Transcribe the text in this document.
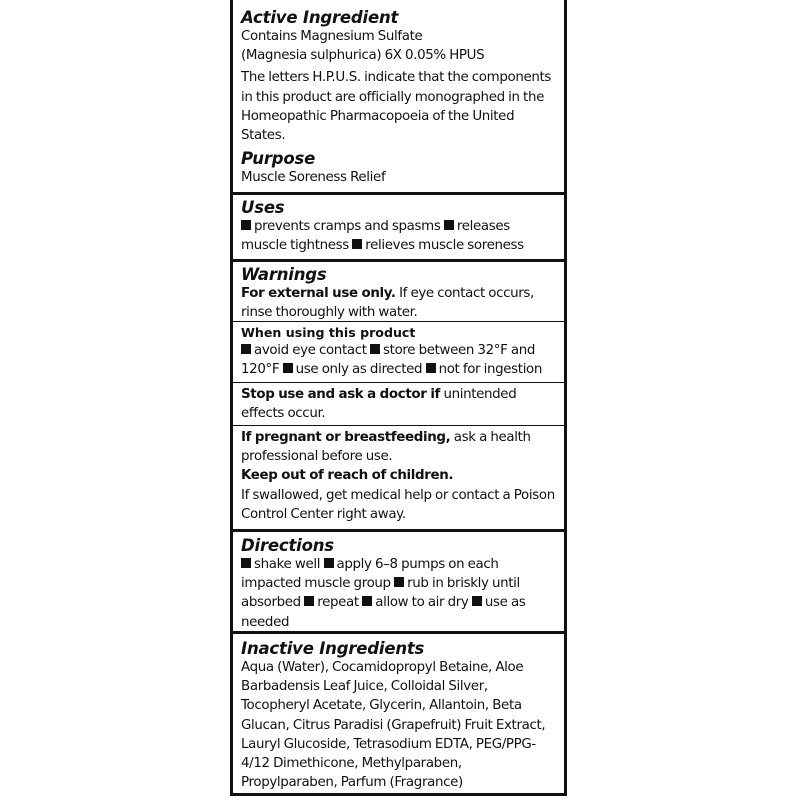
Active Ingredient
Contains Magnesium Sulfate
(Magnesia sulphurica) 6X 0.05% HPUS
The letters H.P.U.S. indicate that the components in this product are officially monographed in the Homeopathic Pharmacopoeia of the United States.
Purpose
Muscle Soreness Relief
Uses
prevents cramps and spasms releases muscle tightness relieves muscle soreness
Warnings
For external use only. If eye contact occurs, rinse thoroughly with water.
When using this product
avoid eye contact store between 32°F and 120°F use only as directed not for ingestion
Stop use and ask a doctor if unintended effects occur.
If pregnant or breastfeeding, ask a health professional before use.
Keep out of reach of children.
If swallowed, get medical help or contact a Poison Control Center right away.
Directions
shake well apply 6–8 pumps on each impacted muscle group rub in briskly until absorbed repeat allow to air dry use as needed
Inactive Ingredients
Aqua (Water), Cocamidopropyl Betaine, Aloe Barbadensis Leaf Juice, Colloidal Silver, Tocopheryl Acetate, Glycerin, Allantoin, Beta Glucan, Citrus Paradisi (Grapefruit) Fruit Extract, Lauryl Glucoside, Tetrasodium EDTA, PEG/PPG-4/12 Dimethicone, Methylparaben, Propylparaben, Parfum (Fragrance)
